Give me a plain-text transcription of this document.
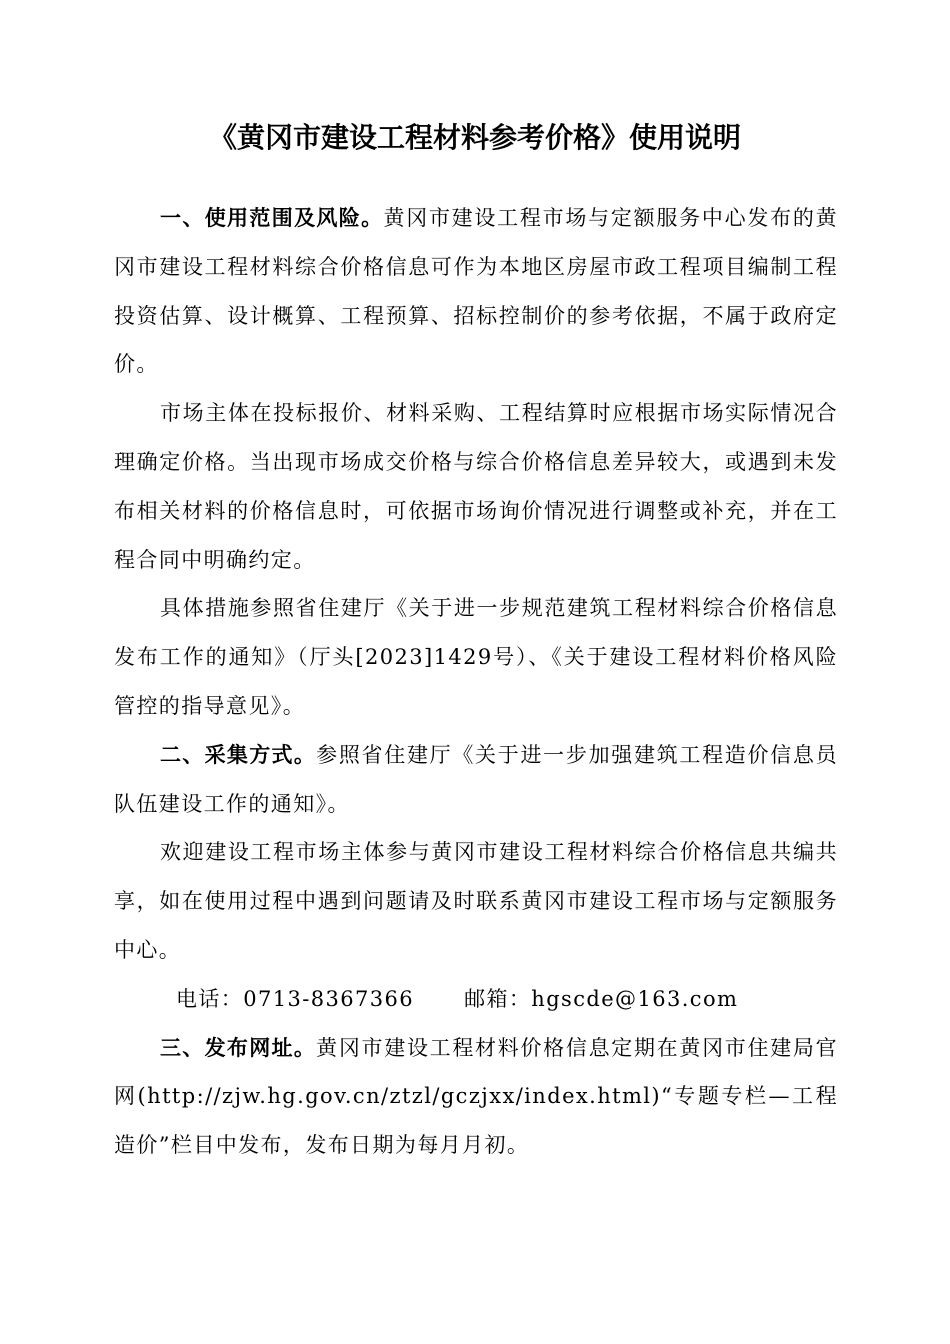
《黄冈市建设工程材料参考价格》使用说明

一、使用范围及风险。黄冈市建设工程市场与定额服务中心发布的黄冈市建设工程材料综合价格信息可作为本地区房屋市政工程项目编制工程投资估算、设计概算、工程预算、招标控制价的参考依据，不属于政府定价。

市场主体在投标报价、材料采购、工程结算时应根据市场实际情况合理确定价格。当出现市场成交价格与综合价格信息差异较大，或遇到未发布相关材料的价格信息时，可依据市场询价情况进行调整或补充，并在工程合同中明确约定。

具体措施参照省住建厅《关于进一步规范建筑工程材料综合价格信息发布工作的通知》（厅头[2023]1429号）、《关于建设工程材料价格风险管控的指导意见》。

二、采集方式。参照省住建厅《关于进一步加强建筑工程造价信息员队伍建设工作的通知》。

欢迎建设工程市场主体参与黄冈市建设工程材料综合价格信息共编共享，如在使用过程中遇到问题请及时联系黄冈市建设工程市场与定额服务中心。

电话：0713-8367366 邮箱：hgscde@163.com

三、发布网址。黄冈市建设工程材料价格信息定期在黄冈市住建局官网(http://zjw.hg.gov.cn/ztzl/gczjxx/index.html)“专题专栏—工程造价”栏目中发布，发布日期为每月月初。
